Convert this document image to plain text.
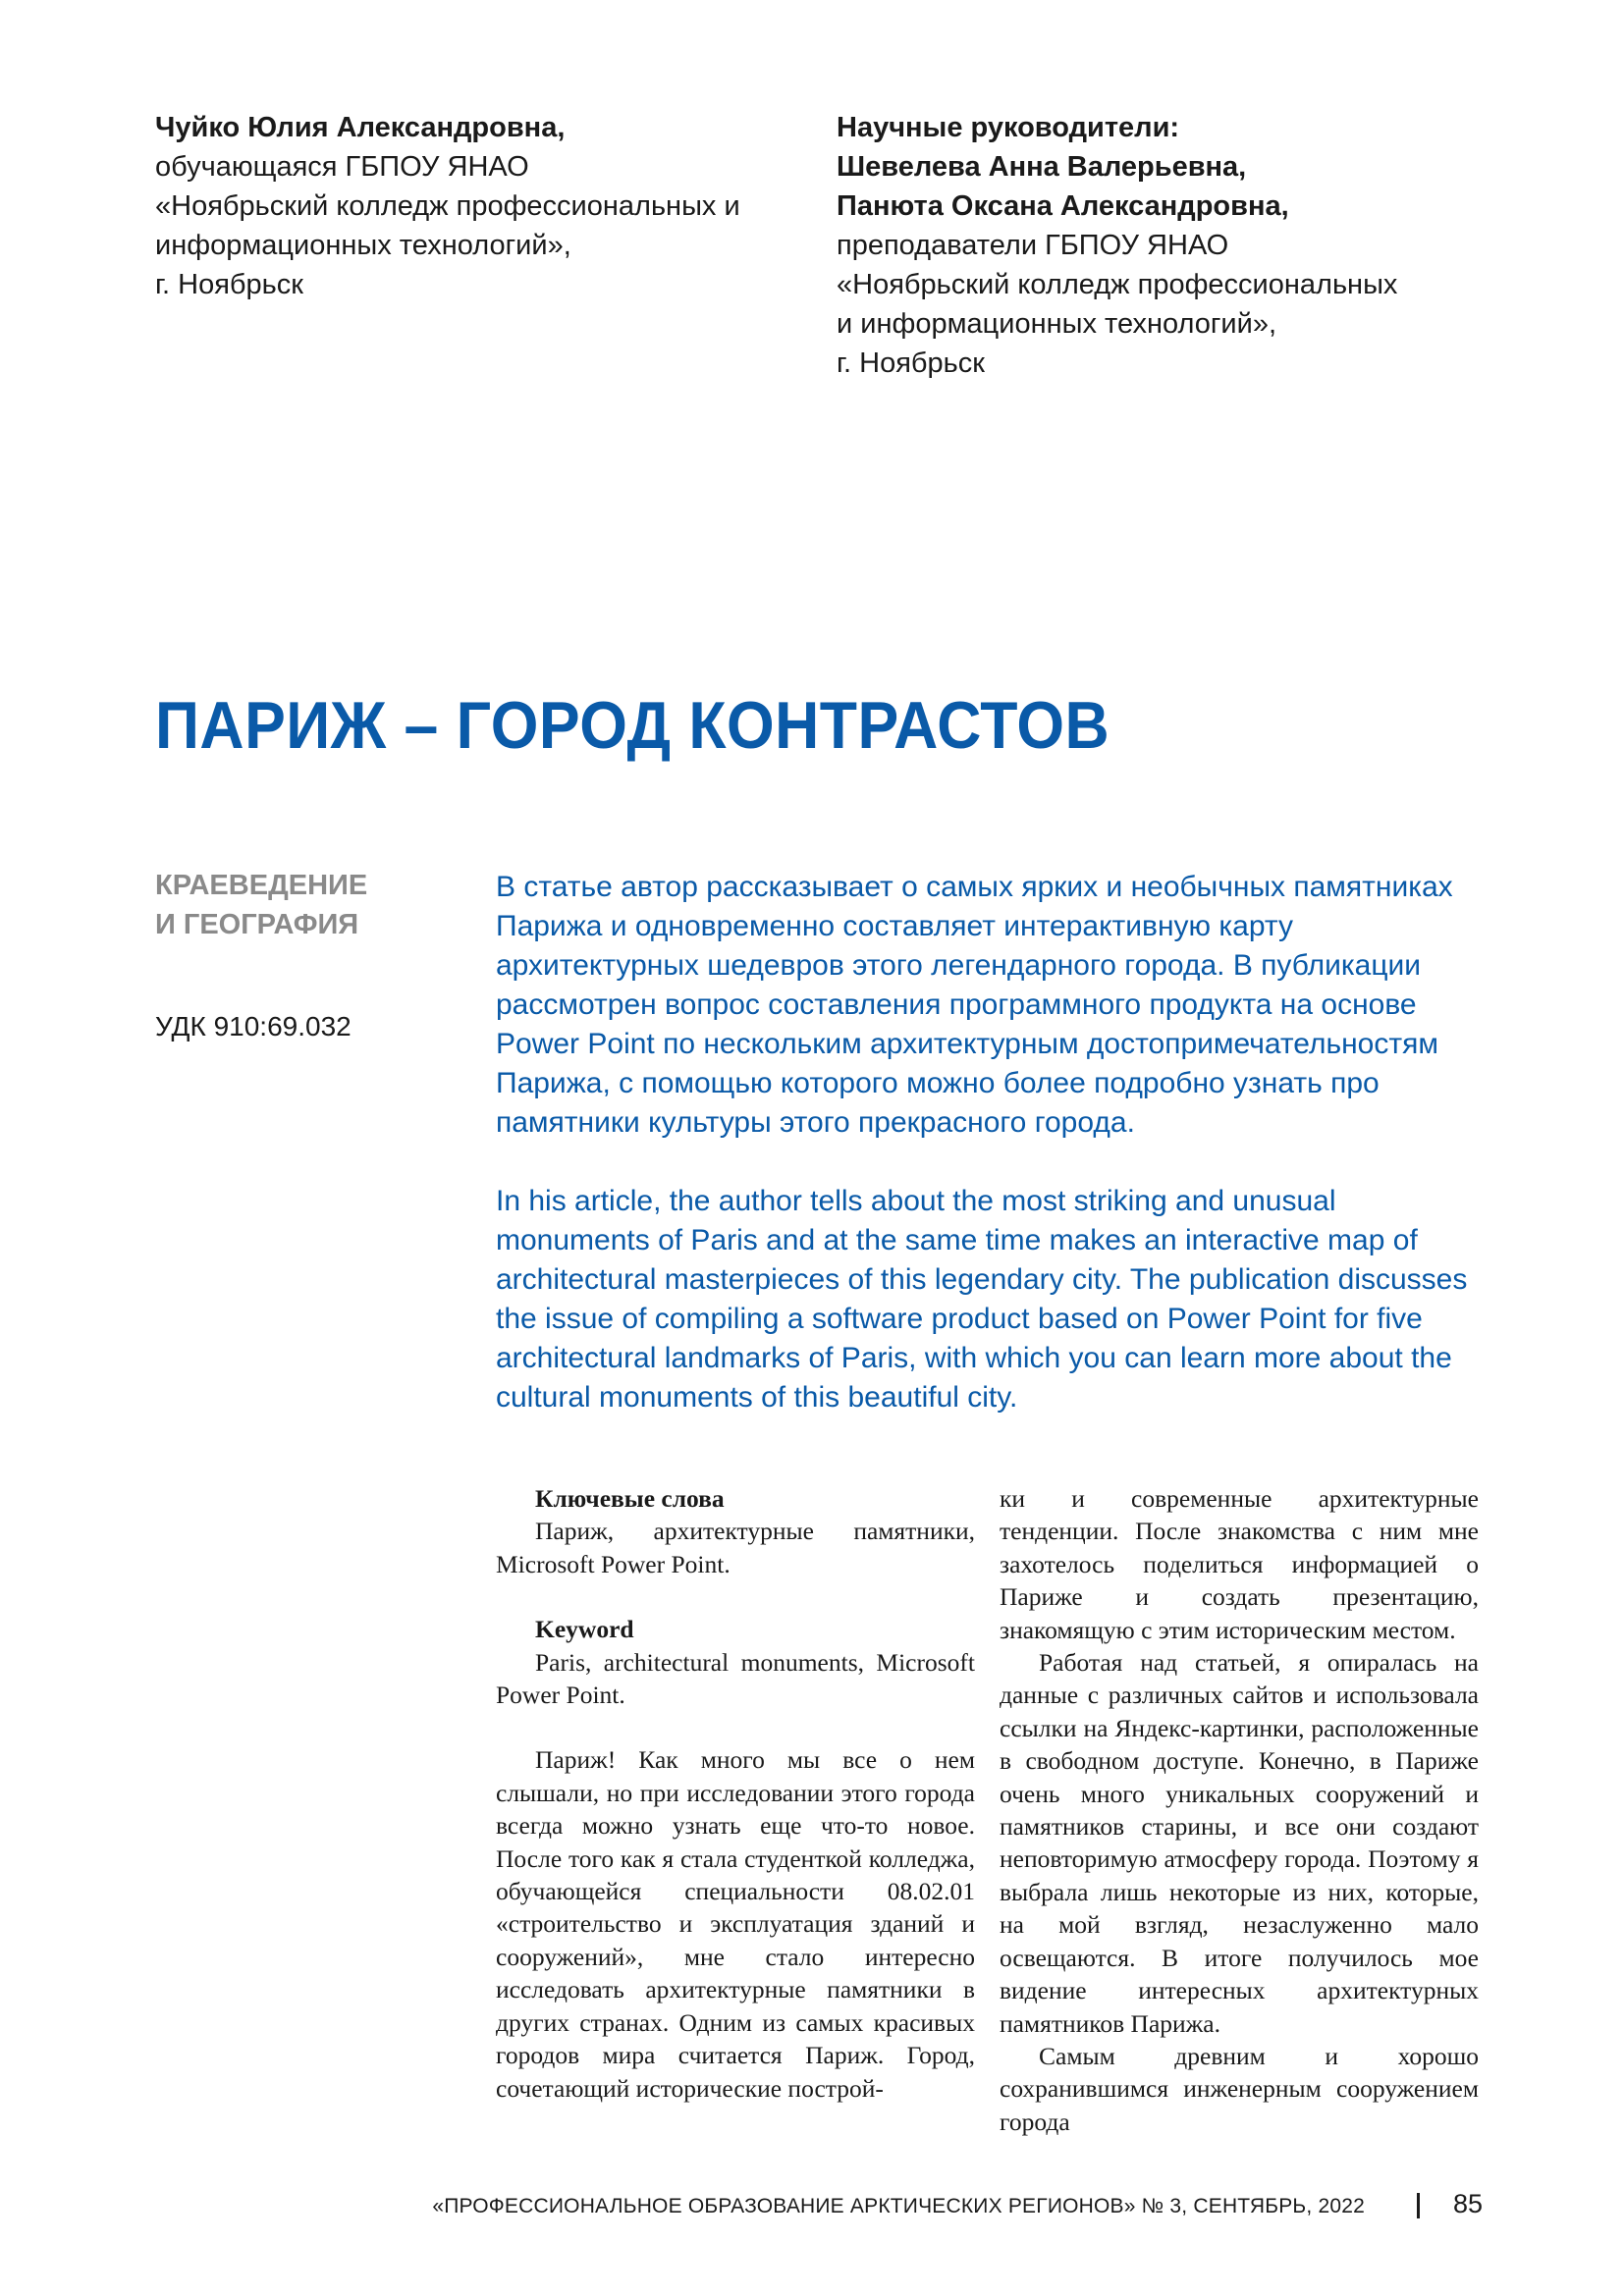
Чуйко Юлия Александровна,
обучающаяся ГБПОУ ЯНАО
«Ноябрьский колледж профессиональных и
информационных технологий»,
г. Ноябрьск
Научные руководители:
Шевелева Анна Валерьевна,
Панюта Оксана Александровна,
преподаватели ГБПОУ ЯНАО
«Ноябрьский колледж профессиональных
и информационных технологий»,
г. Ноябрьск
ПАРИЖ – ГОРОД КОНТРАСТОВ
КРАЕВЕДЕНИЕ
И ГЕОГРАФИЯ
УДК 910:69.032

В статье автор рассказывает о самых ярких и необычных памятниках Парижа и одновременно составляет интерактивную карту архитектурных шедевров этого легендарного города. В публикации рассмотрен вопрос составления программного продукта на основе Power Point по нескольким архитектурным достопримечательностям Парижа, с помощью которого можно более подробно узнать про памятники культуры этого прекрасного города.

In his article, the author tells about the most striking and unusual monuments of Paris and at the same time makes an interactive map of architectural masterpieces of this legendary city. The publication discusses the issue of compiling a software product based on Power Point for five architectural landmarks of Paris, with which you can learn more about the cultural monuments of this beautiful city.

Ключевые слова

Париж, архитектурные памятники, Microsoft Power Point.

Keyword

Paris, architectural monuments, Microsoft Power Point.

Париж! Как много мы все о нем слышали, но при исследовании этого города всегда можно узнать еще что-то новое. После того как я стала студенткой колледжа, обучающейся специальности 08.02.01 «строительство и эксплуатация зданий и сооружений», мне стало интересно исследовать архитектурные памятники в других странах. Одним из самых красивых городов мира считается Париж. Город, сочетающий исторические построй-

ки и современные архитектурные тенденции. После знакомства с ним мне захотелось поделиться информацией о Париже и создать презентацию, знакомящую с этим историческим местом.

Работая над статьей, я опиралась на данные с различных сайтов и использовала ссылки на Яндекс-картинки, расположенные в свободном доступе. Конечно, в Париже очень много уникальных сооружений и памятников старины, и все они создают неповторимую атмосферу города. Поэтому я выбрала лишь некоторые из них, которые, на мой взгляд, незаслуженно мало освещаются. В итоге получилось мое видение интересных архитектурных памятников Парижа.

Самым древним и хорошо сохранившимся инженерным сооружением города

«ПРОФЕССИОНАЛЬНОЕ ОБРАЗОВАНИЕ АРКТИЧЕСКИХ РЕГИОНОВ» № 3, СЕНТЯБРЬ, 2022	85
